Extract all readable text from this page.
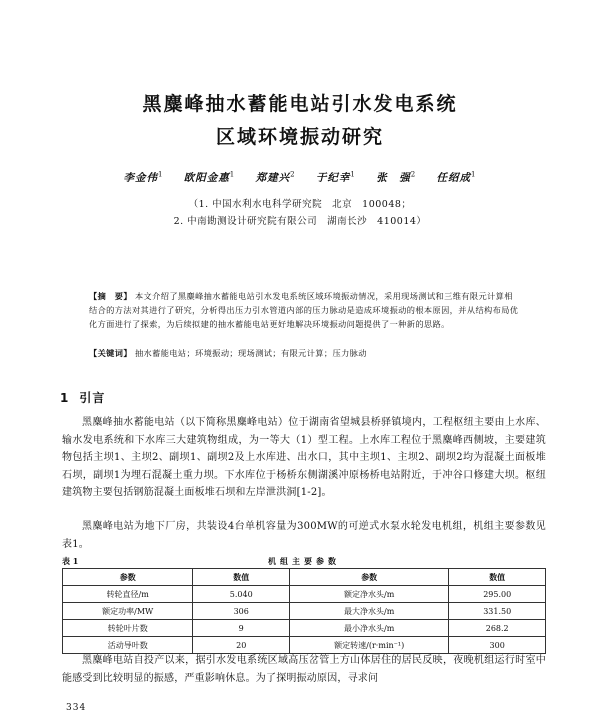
黑麋峰抽水蓄能电站引水发电系统
区域环境振动研究
李金伟$^1$ 欧阳金惠$^1$ 郑建兴$^2$ 于纪幸$^1$ 张　强$^2$ 任绍成$^1$
（1. 中国水利水电科学研究院　北京　100048；
2. 中南勘测设计研究院有限公司　湖南长沙　410014）
【摘　要】 本文介绍了黑麋峰抽水蓄能电站引水发电系统区域环境振动情况，采用现场测试和三维有限元计算相结合的方法对其进行了研究，分析得出压力引水管道内部的压力脉动是造成环境振动的根本原因，并从结构布局优化方面进行了探索，为后续拟建的抽水蓄能电站更好地解决环境振动问题提供了一种新的思路。
【关键词】 抽水蓄能电站；环境振动；现场测试；有限元计算；压力脉动
1 引言
黑麋峰抽水蓄能电站（以下简称黑麋峰电站）位于湖南省望城县桥驿镇境内，工程枢纽主要由上水库、输水发电系统和下水库三大建筑物组成，为一等大（1）型工程。上水库工程位于黑麋峰西侧坡，主要建筑物包括主坝1、主坝2、副坝1、副坝2及上水库进、出水口，其中主坝1、主坝2、副坝2均为混凝土面板堆石坝，副坝1为埋石混凝土重力坝。下水库位于杨桥东侧湖溪冲原杨桥电站附近，于冲谷口修建大坝。枢纽建筑物主要包括钢筋混凝土面板堆石坝和左岸泄洪洞[1-2]。
黑麋峰电站为地下厂房，共装设4台单机容量为300MW的可逆式水泵水轮发电机组，机组主要参数见表1。
表 1	机组主要参数
参数	数值	参数	数值
转轮直径/m	5.040	额定净水头/m	295.00
额定功率/MW	306	最大净水头/m	331.50
转轮叶片数	9	最小净水头/m	268.2
活动导叶数	20	额定转速/(r·min⁻¹)	300
黑麋峰电站自投产以来，据引水发电系统区域高压岔管上方山体居住的居民反映，夜晚机组运行时室中能感受到比较明显的振感，严重影响休息。为了探明振动原因，寻求问
334
